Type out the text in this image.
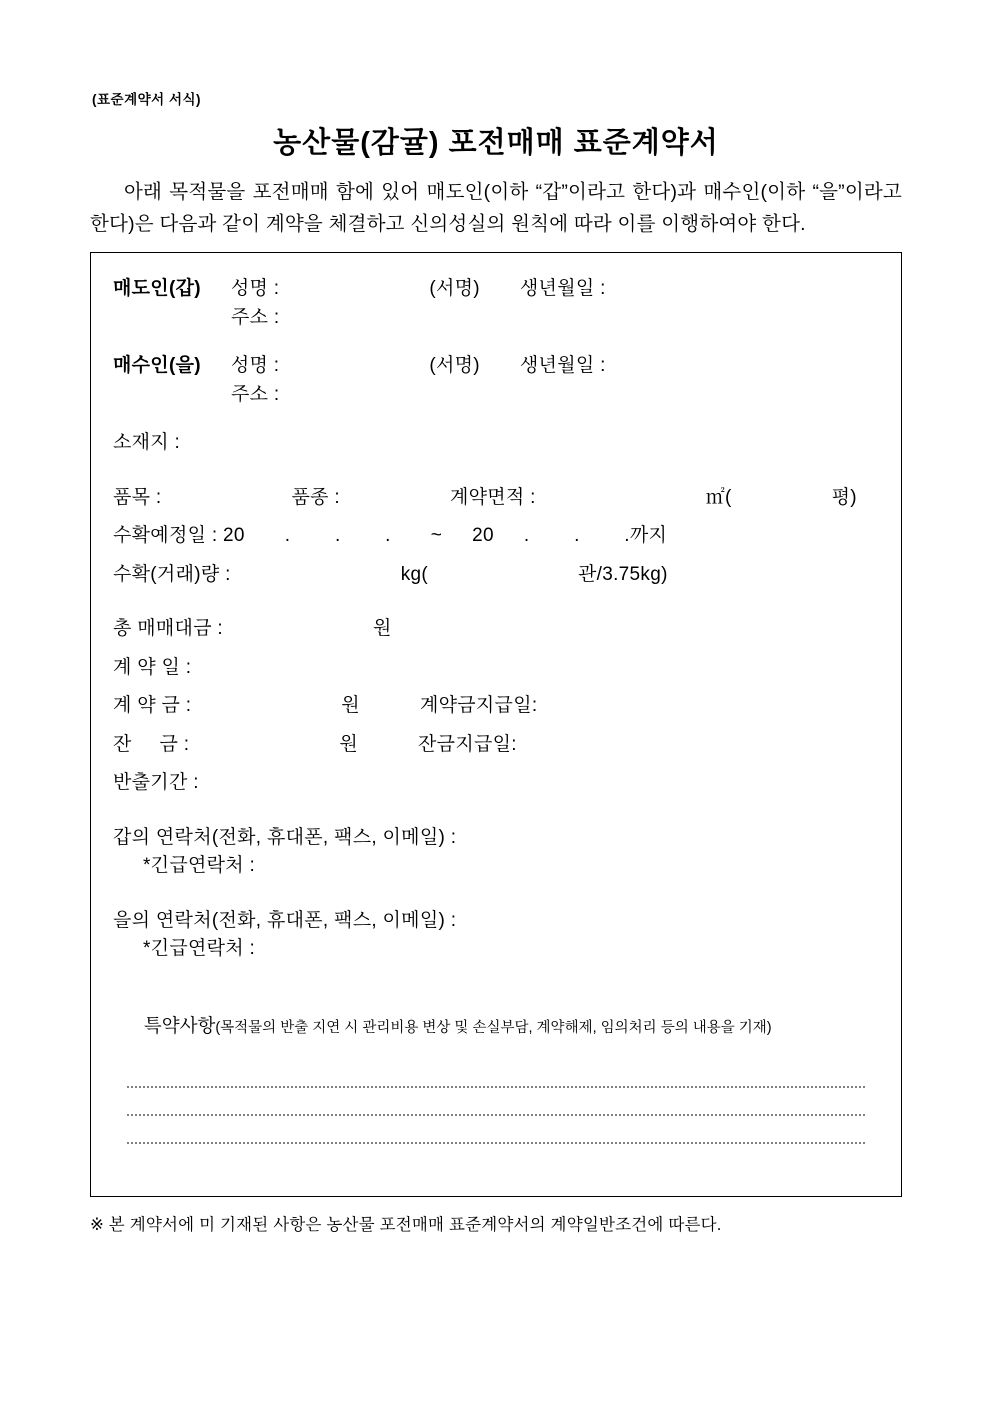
(표준계약서 서식)
농산물(감귤) 포전매매 표준계약서

아래 목적물을 포전매매 함에 있어 매도인(이하 “갑”이라고 한다)과 매수인(이하 “을”이라고 한다)은 다음과 같이 계약을 체결하고 신의성실의 원칙에 따라 이를 이행하여야 한다.

매도인(갑) 성명 :	(서명) 생년월일 :
주소 :
매수인(을) 성명 :	(서명) 생년월일 :
주소 :
소재지 :
품목 :	품종 :	계약면적 :	㎡(	평)
수확예정일 : 20 .        .        . ~ 20 .        .        .까지
수확(거래)량 :	kg(	관/3.75kg)
총 매매대금 :	원
계 약 일 :
계 약 금 :	원	계약금지급일:
잔     금 :	원	잔금지급일:
반출기간 :
갑의 연락처(전화, 휴대폰, 팩스, 이메일) :
*긴급연락처 :
을의 연락처(전화, 휴대폰, 팩스, 이메일) :
*긴급연락처 :

특약사항(목적물의 반출 지연 시 관리비용 변상 및 손실부담, 계약해제, 임의처리 등의 내용을 기재)

※ 본 계약서에 미 기재된 사항은 농산물 포전매매 표준계약서의 계약일반조건에 따른다.
